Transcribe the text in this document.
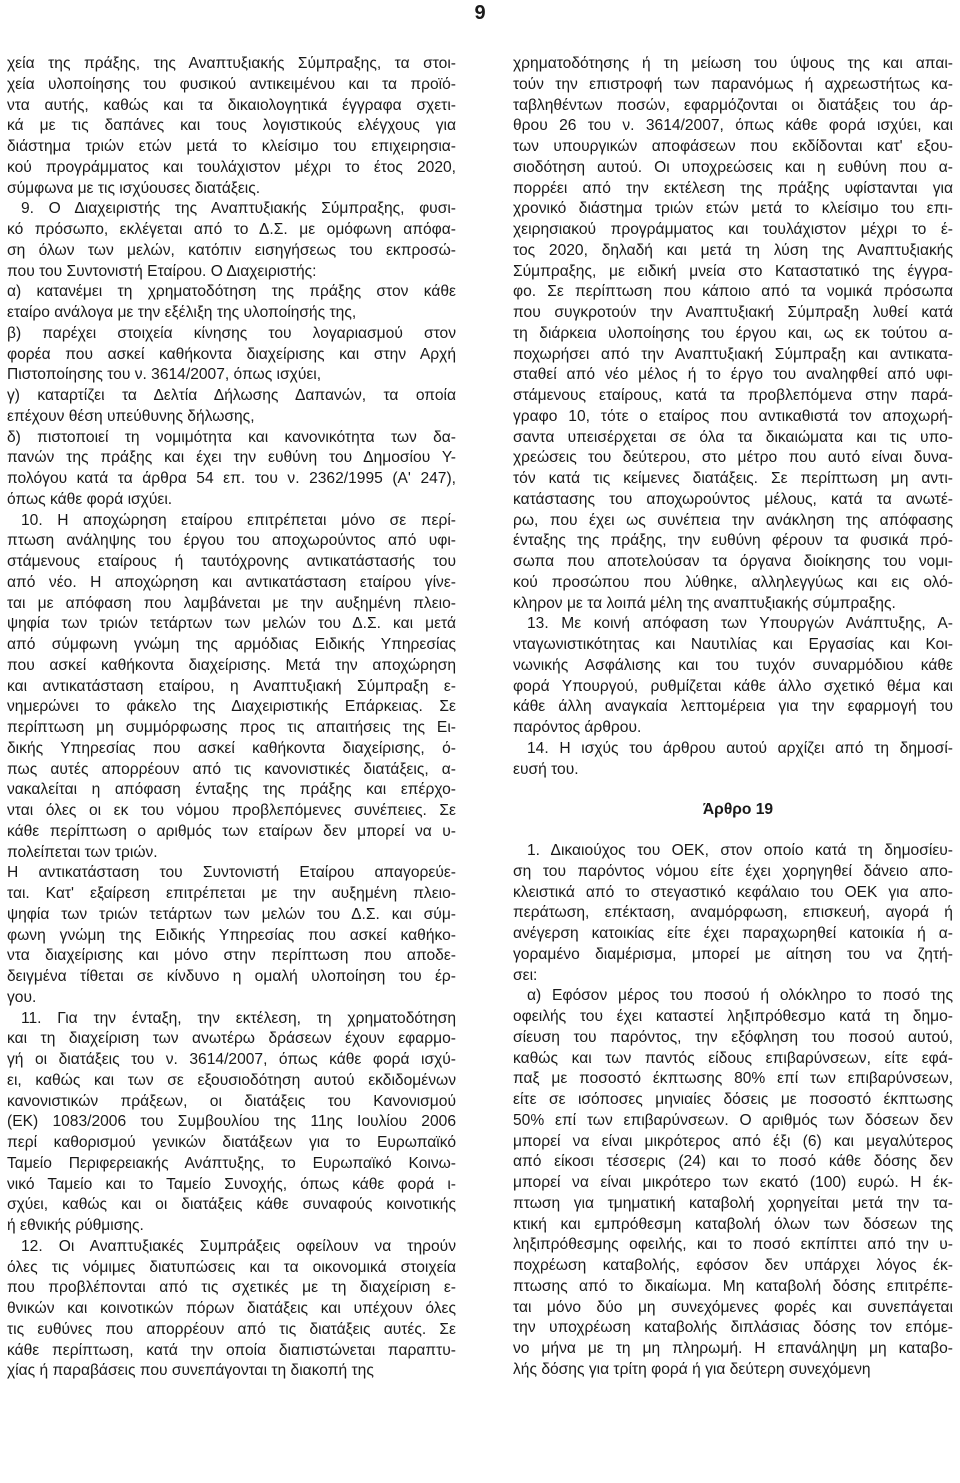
9

χεία της πράξης, της Αναπτυξιακής Σύμπραξης, τα στοι-

χεία υλοποίησης του φυσικού αντικειμένου και τα προϊό-

ντα αυτής, καθώς και τα δικαιολογητικά έγγραφα σχετι-

κά με τις δαπάνες και τους λογιστικούς ελέγχους για

διάστημα τριών ετών μετά το κλείσιμο του επιχειρησια-

κού προγράμματος και τουλάχιστον μέχρι το έτος 2020,

σύμφωνα με τις ισχύουσες διατάξεις.

9. Ο Διαχειριστής της Αναπτυξιακής Σύμπραξης, φυσι-

κό πρόσωπο, εκλέγεται από το Δ.Σ. με ομόφωνη απόφα-

ση όλων των μελών, κατόπιν εισηγήσεως του εκπροσώ-

που του Συντονιστή Εταίρου. Ο Διαχειριστής:

α) κατανέμει τη χρηματοδότηση της πράξης στον κάθε

εταίρο ανάλογα με την εξέλιξη της υλοποίησής της,

β) παρέχει στοιχεία κίνησης του λογαριασμού στον

φορέα που ασκεί καθήκοντα διαχείρισης και στην Αρχή

Πιστοποίησης του ν. 3614/2007, όπως ισχύει,

γ) καταρτίζει τα Δελτία Δήλωσης Δαπανών, τα οποία

επέχουν θέση υπεύθυνης δήλωσης,

δ) πιστοποιεί τη νομιμότητα και κανονικότητα των δα-

πανών της πράξης και έχει την ευθύνη του Δημοσίου Υ-

πολόγου κατά τα άρθρα 54 επ. του ν. 2362/1995 (Α' 247),

όπως κάθε φορά ισχύει.

10. Η αποχώρηση εταίρου επιτρέπεται μόνο σε περί-

πτωση ανάληψης του έργου του αποχωρούντος από υφι-

στάμενους εταίρους ή ταυτόχρονης αντικατάστασής του

από νέο. Η αποχώρηση και αντικατάσταση εταίρου γίνε-

ται με απόφαση που λαμβάνεται με την αυξημένη πλειο-

ψηφία των τριών τετάρτων των μελών του Δ.Σ. και μετά

από σύμφωνη γνώμη της αρμόδιας Ειδικής Υπηρεσίας

που ασκεί καθήκοντα διαχείρισης. Μετά την αποχώρηση

και αντικατάσταση εταίρου, η Αναπτυξιακή Σύμπραξη ε-

νημερώνει το φάκελο της Διαχειριστικής Επάρκειας. Σε

περίπτωση μη συμμόρφωσης προς τις απαιτήσεις της Ει-

δικής Υπηρεσίας που ασκεί καθήκοντα διαχείρισης, ό-

πως αυτές απορρέουν από τις κανονιστικές διατάξεις, α-

νακαλείται η απόφαση ένταξης της πράξης και επέρχο-

νται όλες οι εκ του νόμου προβλεπόμενες συνέπειες. Σε

κάθε περίπτωση ο αριθμός των εταίρων δεν μπορεί να υ-

πολείπεται των τριών.

Η αντικατάσταση του Συντονιστή Εταίρου απαγορεύε-

ται. Κατ' εξαίρεση επιτρέπεται με την αυξημένη πλειο-

ψηφία των τριών τετάρτων των μελών του Δ.Σ. και σύμ-

φωνη γνώμη της Ειδικής Υπηρεσίας που ασκεί καθήκο-

ντα διαχείρισης και μόνο στην περίπτωση που αποδε-

δειγμένα τίθεται σε κίνδυνο η ομαλή υλοποίηση του έρ-

γου.

11. Για την ένταξη, την εκτέλεση, τη χρηματοδότηση

και τη διαχείριση των ανωτέρω δράσεων έχουν εφαρμο-

γή οι διατάξεις του ν. 3614/2007, όπως κάθε φορά ισχύ-

ει, καθώς και των σε εξουσιοδότηση αυτού εκδιδομένων

κανονιστικών πράξεων, οι διατάξεις του Κανονισμού

(ΕΚ) 1083/2006 του Συμβουλίου της 11ης Ιουλίου 2006

περί καθορισμού γενικών διατάξεων για το Ευρωπαϊκό

Ταμείο Περιφερειακής Ανάπτυξης, το Ευρωπαϊκό Κοινω-

νικό Ταμείο και το Ταμείο Συνοχής, όπως κάθε φορά ι-

σχύει, καθώς και οι διατάξεις κάθε συναφούς κοινοτικής

ή εθνικής ρύθμισης.

12. Οι Αναπτυξιακές Συμπράξεις οφείλουν να τηρούν

όλες τις νόμιμες διατυπώσεις και τα οικονομικά στοιχεία

που προβλέπονται από τις σχετικές με τη διαχείριση ε-

θνικών και κοινοτικών πόρων διατάξεις και υπέχουν όλες

τις ευθύνες που απορρέουν από τις διατάξεις αυτές. Σε

κάθε περίπτωση, κατά την οποία διαπιστώνεται παραπτυ-

χίας ή παραβάσεις που συνεπάγονται τη διακοπή της

χρηματοδότησης ή τη μείωση του ύψους της και απαι-

τούν την επιστροφή των παρανόμως ή αχρεωστήτως κα-

ταβληθέντων ποσών, εφαρμόζονται οι διατάξεις του άρ-

θρου 26 του ν. 3614/2007, όπως κάθε φορά ισχύει, και

των υπουργικών αποφάσεων που εκδίδονται κατ' εξου-

σιοδότηση αυτού. Οι υποχρεώσεις και η ευθύνη που α-

πορρέει από την εκτέλεση της πράξης υφίστανται για

χρονικό διάστημα τριών ετών μετά το κλείσιμο του επι-

χειρησιακού προγράμματος και τουλάχιστον μέχρι το έ-

τος 2020, δηλαδή και μετά τη λύση της Αναπτυξιακής

Σύμπραξης, με ειδική μνεία στο Καταστατικό της έγγρα-

φο. Σε περίπτωση που κάποιο από τα νομικά πρόσωπα

που συγκροτούν την Αναπτυξιακή Σύμπραξη λυθεί κατά

τη διάρκεια υλοποίησης του έργου και, ως εκ τούτου α-

ποχωρήσει από την Αναπτυξιακή Σύμπραξη και αντικατα-

σταθεί από νέο μέλος ή το έργο του αναληφθεί από υφι-

στάμενους εταίρους, κατά τα προβλεπόμενα στην παρά-

γραφο 10, τότε ο εταίρος που αντικαθιστά τον αποχωρή-

σαντα υπεισέρχεται σε όλα τα δικαιώματα και τις υπο-

χρεώσεις του δεύτερου, στο μέτρο που αυτό είναι δυνα-

τόν κατά τις κείμενες διατάξεις. Σε περίπτωση μη αντι-

κατάστασης του αποχωρούντος μέλους, κατά τα ανωτέ-

ρω, που έχει ως συνέπεια την ανάκληση της απόφασης

ένταξης της πράξης, την ευθύνη φέρουν τα φυσικά πρό-

σωπα που αποτελούσαν τα όργανα διοίκησης του νομι-

κού προσώπου που λύθηκε, αλληλεγγύως και εις ολό-

κληρον με τα λοιπά μέλη της αναπτυξιακής σύμπραξης.

13. Με κοινή απόφαση των Υπουργών Ανάπτυξης, Α-

νταγωνιστικότητας και Ναυτιλίας και Εργασίας και Κοι-

νωνικής Ασφάλισης και του τυχόν συναρμόδιου κάθε

φορά Υπουργού, ρυθμίζεται κάθε άλλο σχετικό θέμα και

κάθε άλλη αναγκαία λεπτομέρεια για την εφαρμογή του

παρόντος άρθρου.

14. Η ισχύς του άρθρου αυτού αρχίζει από τη δημοσί-

ευσή του.

Άρθρο 19

1. Δικαιούχος του ΟΕΚ, στον οποίο κατά τη δημοσίευ-

ση του παρόντος νόμου είτε έχει χορηγηθεί δάνειο απο-

κλειστικά από το στεγαστικό κεφάλαιο του ΟΕΚ για απο-

περάτωση, επέκταση, αναμόρφωση, επισκευή, αγορά ή

ανέγερση κατοικίας είτε έχει παραχωρηθεί κατοικία ή α-

γοραμένο διαμέρισμα, μπορεί με αίτηση του να ζητή-

σει:

α) Εφόσον μέρος του ποσού ή ολόκληρο το ποσό της

οφειλής του έχει καταστεί ληξιπρόθεσμο κατά τη δημο-

σίευση του παρόντος, την εξόφληση του ποσού αυτού,

καθώς και των παντός είδους επιβαρύνσεων, είτε εφά-

παξ με ποσοστό έκπτωσης 80% επί των επιβαρύνσεων,

είτε σε ισόποσες μηνιαίες δόσεις με ποσοστό έκπτωσης

50% επί των επιβαρύνσεων. Ο αριθμός των δόσεων δεν

μπορεί να είναι μικρότερος από έξι (6) και μεγαλύτερος

από είκοσι τέσσερις (24) και το ποσό κάθε δόσης δεν

μπορεί να είναι μικρότερο των εκατό (100) ευρώ. Η έκ-

πτωση για τμηματική καταβολή χορηγείται μετά την τα-

κτική και εμπρόθεσμη καταβολή όλων των δόσεων της

ληξιπρόθεσμης οφειλής, και το ποσό εκπίπτει από την υ-

ποχρέωση καταβολής, εφόσον δεν υπάρχει λόγος έκ-

πτωσης από το δικαίωμα. Μη καταβολή δόσης επιτρέπε-

ται μόνο δύο μη συνεχόμενες φορές και συνεπάγεται

την υποχρέωση καταβολής διπλάσιας δόσης τον επόμε-

νο μήνα με τη μη πληρωμή. Η επανάληψη μη καταβο-

λής δόσης για τρίτη φορά ή για δεύτερη συνεχόμενη
